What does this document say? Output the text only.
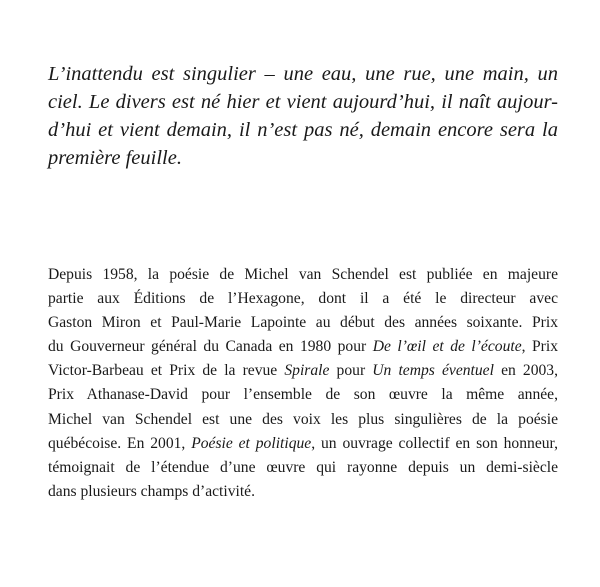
L’inattendu est singulier – une eau, une rue, une main, un
ciel. Le divers est né hier et vient aujourd’hui, il naît aujour-
d’hui et vient demain, il n’est pas né, demain encore sera la
première feuille.
Depuis 1958, la poésie de Michel van Schendel est publiée en majeure
partie aux Éditions de l’Hexagone, dont il a été le directeur avec
Gaston Miron et Paul-Marie Lapointe au début des années soixante. Prix
du Gouverneur général du Canada en 1980 pour De l’œil et de l’écoute, Prix
Victor-Barbeau et Prix de la revue Spirale pour Un temps éventuel en 2003,
Prix Athanase-David pour l’ensemble de son œuvre la même année,
Michel van Schendel est une des voix les plus singulières de la poésie
québécoise. En 2001, Poésie et politique, un ouvrage collectif en son honneur,
témoignait de l’étendue d’une œuvre qui rayonne depuis un demi-siècle
dans plusieurs champs d’activité.
